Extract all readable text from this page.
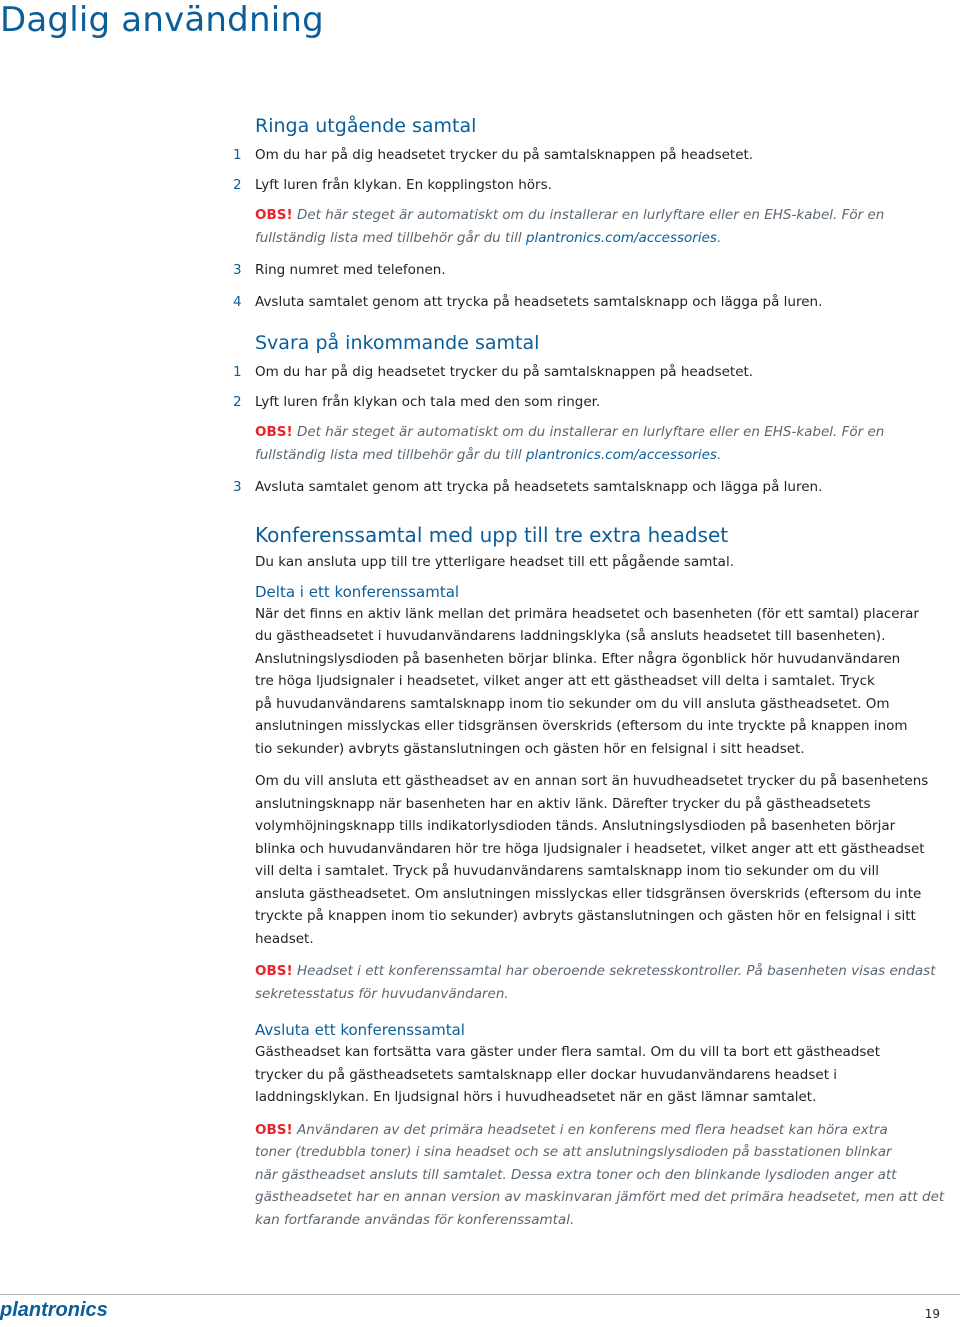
Daglig användning
Ringa utgående samtal
1 Om du har på dig headsetet trycker du på samtalsknappen på headsetet.
2 Lyft luren från klykan. En kopplingston hörs.
OBS! Det här steget är automatiskt om du installerar en lurlyftare eller en EHS-kabel. För en
fullständig lista med tillbehör går du till plantronics.com/accessories.
3 Ring numret med telefonen.
4 Avsluta samtalet genom att trycka på headsetets samtalsknapp och lägga på luren.
Svara på inkommande samtal
1 Om du har på dig headsetet trycker du på samtalsknappen på headsetet.
2 Lyft luren från klykan och tala med den som ringer.
OBS! Det här steget är automatiskt om du installerar en lurlyftare eller en EHS-kabel. För en
fullständig lista med tillbehör går du till plantronics.com/accessories.
3 Avsluta samtalet genom att trycka på headsetets samtalsknapp och lägga på luren.
Konferenssamtal med upp till tre extra headset
Du kan ansluta upp till tre ytterligare headset till ett pågående samtal.
Delta i ett konferenssamtal
När det finns en aktiv länk mellan det primära headsetet och basenheten (för ett samtal) placerar
du gästheadsetet i huvudanvändarens laddningsklyka (så ansluts headsetet till basenheten).
Anslutningslysdioden på basenheten börjar blinka. Efter några ögonblick hör huvudanvändaren
tre höga ljudsignaler i headsetet, vilket anger att ett gästheadset vill delta i samtalet. Tryck
på huvudanvändarens samtalsknapp inom tio sekunder om du vill ansluta gästheadsetet. Om
anslutningen misslyckas eller tidsgränsen överskrids (eftersom du inte tryckte på knappen inom
tio sekunder) avbryts gästanslutningen och gästen hör en felsignal i sitt headset.
Om du vill ansluta ett gästheadset av en annan sort än huvudheadsetet trycker du på basenhetens
anslutningsknapp när basenheten har en aktiv länk. Därefter trycker du på gästheadsetets
volymhöjningsknapp tills indikatorlysdioden tänds. Anslutningslysdioden på basenheten börjar
blinka och huvudanvändaren hör tre höga ljudsignaler i headsetet, vilket anger att ett gästheadset
vill delta i samtalet. Tryck på huvudanvändarens samtalsknapp inom tio sekunder om du vill
ansluta gästheadsetet. Om anslutningen misslyckas eller tidsgränsen överskrids (eftersom du inte
tryckte på knappen inom tio sekunder) avbryts gästanslutningen och gästen hör en felsignal i sitt
headset.
OBS! Headset i ett konferenssamtal har oberoende sekretesskontroller. På basenheten visas endast
sekretesstatus för huvudanvändaren.
Avsluta ett konferenssamtal
Gästheadset kan fortsätta vara gäster under flera samtal. Om du vill ta bort ett gästheadset
trycker du på gästheadsetets samtalsknapp eller dockar huvudanvändarens headset i
laddningsklykan. En ljudsignal hörs i huvudheadsetet när en gäst lämnar samtalet.
OBS! Användaren av det primära headsetet i en konferens med flera headset kan höra extra
toner (tredubbla toner) i sina headset och se att anslutningslysdioden på basstationen blinkar
när gästheadset ansluts till samtalet. Dessa extra toner och den blinkande lysdioden anger att
gästheadsetet har en annan version av maskinvaran jämfört med det primära headsetet, men att det
kan fortfarande användas för konferenssamtal.
plantronics	19
